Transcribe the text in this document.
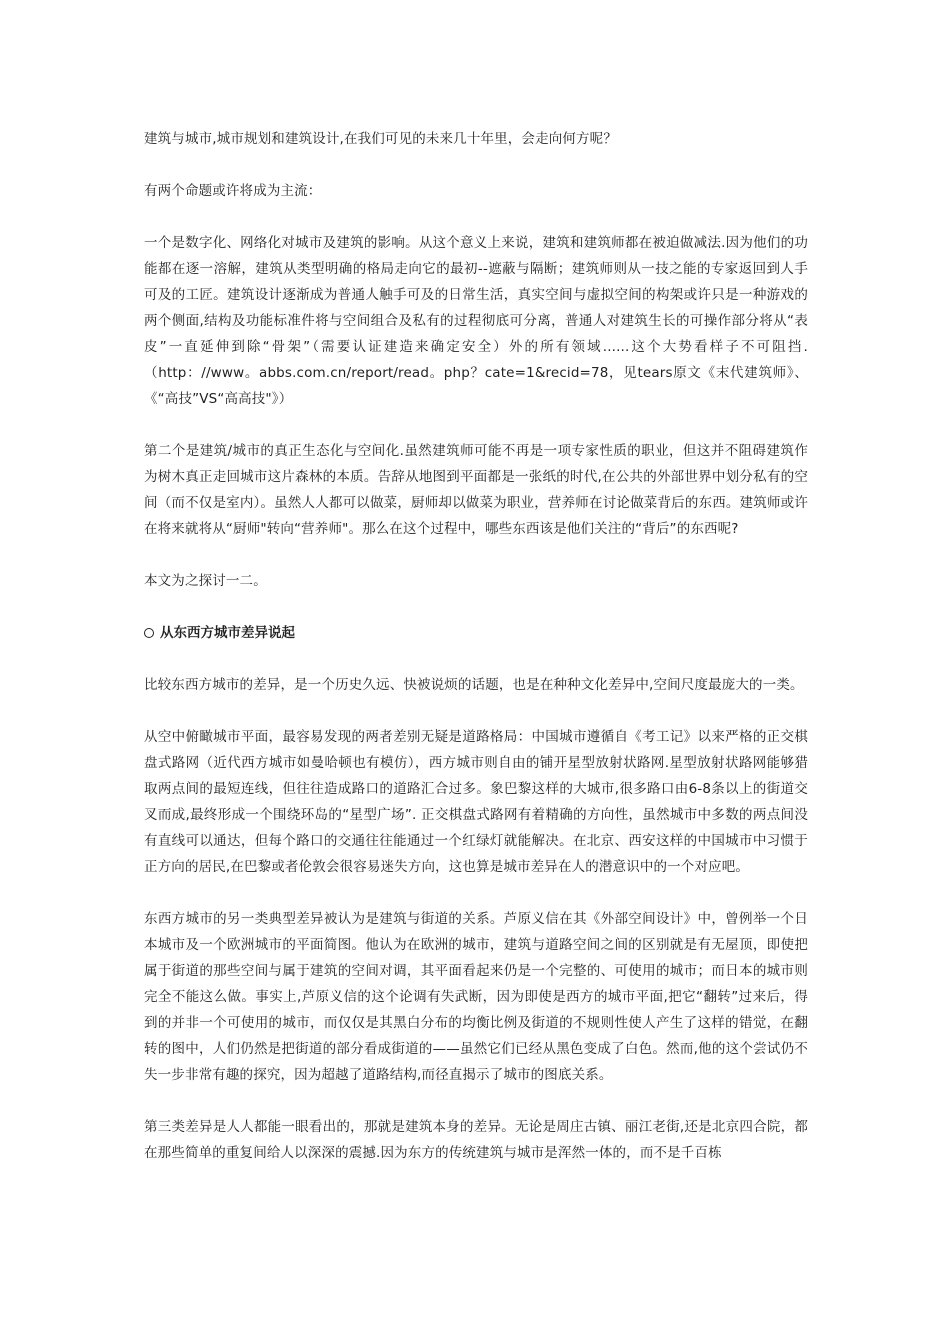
建筑与城市,城市规划和建筑设计,在我们可见的未来几十年里，会走向何方呢？

有两个命题或许将成为主流：

一个是数字化、网络化对城市及建筑的影响。从这个意义上来说，建筑和建筑师都在被迫做减法.因为他们的功能都在逐一溶解，建筑从类型明确的格局走向它的最初--遮蔽与隔断；建筑师则从一技之能的专家返回到人手可及的工匠。建筑设计逐渐成为普通人触手可及的日常生活，真实空间与虚拟空间的构架或许只是一种游戏的两个侧面,结构及功能标准件将与空间组合及私有的过程彻底可分离，普通人对建筑生长的可操作部分将从“表皮”一直延伸到除“骨架”（需要认证建造来确定安全）外的所有领域......这个大势看样子不可阻挡.（http：//www。abbs.com.cn/report/read。php？cate=1&recid=78，见tears原文《末代建筑师》、《“高技”VS“高高技"》）

第二个是建筑/城市的真正生态化与空间化.虽然建筑师可能不再是一项专家性质的职业，但这并不阻碍建筑作为树木真正走回城市这片森林的本质。告辞从地图到平面都是一张纸的时代,在公共的外部世界中划分私有的空间（而不仅是室内）。虽然人人都可以做菜，厨师却以做菜为职业，营养师在讨论做菜背后的东西。建筑师或许在将来就将从“厨师"转向“营养师"。那么在这个过程中，哪些东西该是他们关注的“背后”的东西呢?

本文为之探讨一二。

从东西方城市差异说起

比较东西方城市的差异，是一个历史久远、快被说烦的话题，也是在种种文化差异中,空间尺度最庞大的一类。

从空中俯瞰城市平面，最容易发现的两者差别无疑是道路格局：中国城市遵循自《考工记》以来严格的正交棋盘式路网（近代西方城市如曼哈顿也有模仿），西方城市则自由的铺开星型放射状路网.星型放射状路网能够猎取两点间的最短连线，但往往造成路口的道路汇合过多。象巴黎这样的大城市,很多路口由6-8条以上的街道交叉而成,最终形成一个围绕环岛的“星型广场”. 正交棋盘式路网有着精确的方向性，虽然城市中多数的两点间没有直线可以通达，但每个路口的交通往往能通过一个红绿灯就能解决。在北京、西安这样的中国城市中习惯于正方向的居民,在巴黎或者伦敦会很容易迷失方向，这也算是城市差异在人的潜意识中的一个对应吧。

东西方城市的另一类典型差异被认为是建筑与街道的关系。芦原义信在其《外部空间设计》中，曾例举一个日本城市及一个欧洲城市的平面简图。他认为在欧洲的城市，建筑与道路空间之间的区别就是有无屋顶，即使把属于街道的那些空间与属于建筑的空间对调，其平面看起来仍是一个完整的、可使用的城市；而日本的城市则完全不能这么做。事实上,芦原义信的这个论调有失武断，因为即使是西方的城市平面,把它“翻转”过来后，得到的并非一个可使用的城市，而仅仅是其黑白分布的均衡比例及街道的不规则性使人产生了这样的错觉，在翻转的图中，人们仍然是把街道的部分看成街道的——虽然它们已经从黑色变成了白色。然而,他的这个尝试仍不失一步非常有趣的探究，因为超越了道路结构,而径直揭示了城市的图底关系。

第三类差异是人人都能一眼看出的，那就是建筑本身的差异。无论是周庄古镇、丽江老街,还是北京四合院，都在那些简单的重复间给人以深深的震撼.因为东方的传统建筑与城市是浑然一体的，而不是千百栋
